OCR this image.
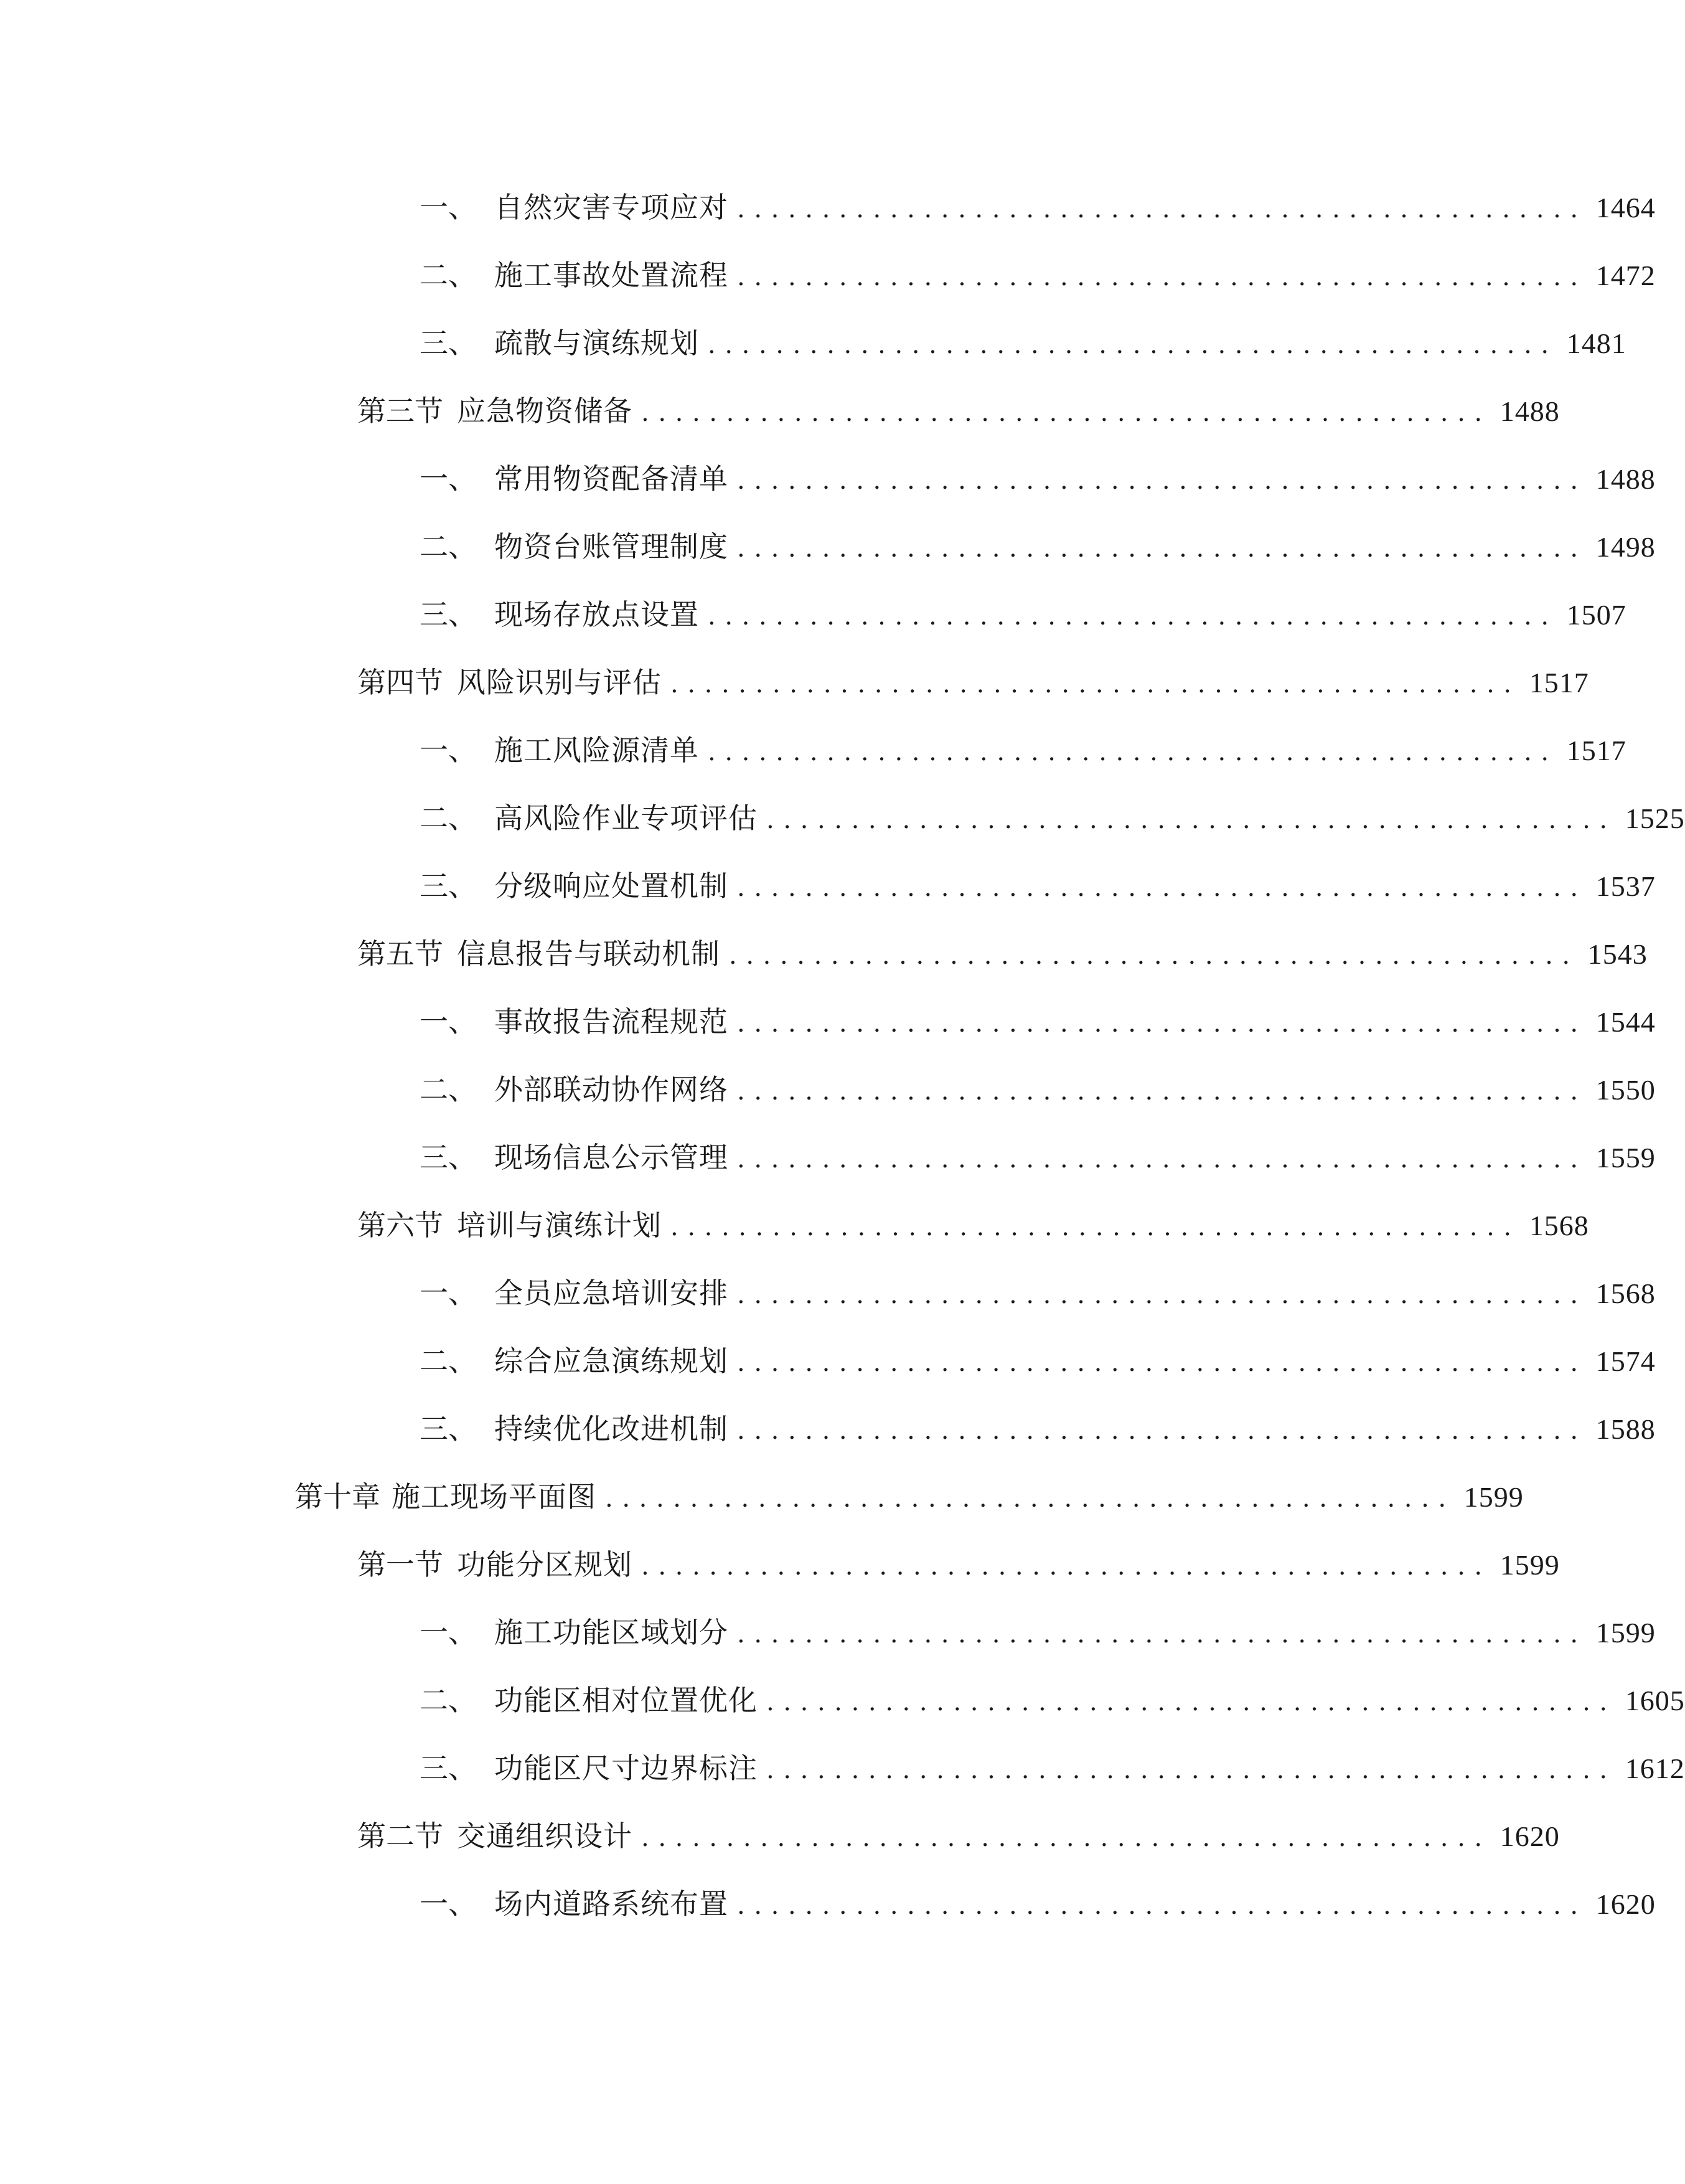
一、 自然灾害专项应对 .................................................. 1464
二、 施工事故处置流程 .................................................. 1472
三、 疏散与演练规划 .................................................. 1481
第三节 应急物资储备 .................................................. 1488
一、 常用物资配备清单 .................................................. 1488
二、 物资台账管理制度 .................................................. 1498
三、 现场存放点设置 .................................................. 1507
第四节 风险识别与评估 .................................................. 1517
一、 施工风险源清单 .................................................. 1517
二、 高风险作业专项评估 .................................................. 1525
三、 分级响应处置机制 .................................................. 1537
第五节 信息报告与联动机制 .................................................. 1543
一、 事故报告流程规范 .................................................. 1544
二、 外部联动协作网络 .................................................. 1550
三、 现场信息公示管理 .................................................. 1559
第六节 培训与演练计划 .................................................. 1568
一、 全员应急培训安排 .................................................. 1568
二、 综合应急演练规划 .................................................. 1574
三、 持续优化改进机制 .................................................. 1588
第十章 施工现场平面图 .................................................. 1599
第一节 功能分区规划 .................................................. 1599
一、 施工功能区域划分 .................................................. 1599
二、 功能区相对位置优化 .................................................. 1605
三、 功能区尺寸边界标注 .................................................. 1612
第二节 交通组织设计 .................................................. 1620
一、 场内道路系统布置 .................................................. 1620
